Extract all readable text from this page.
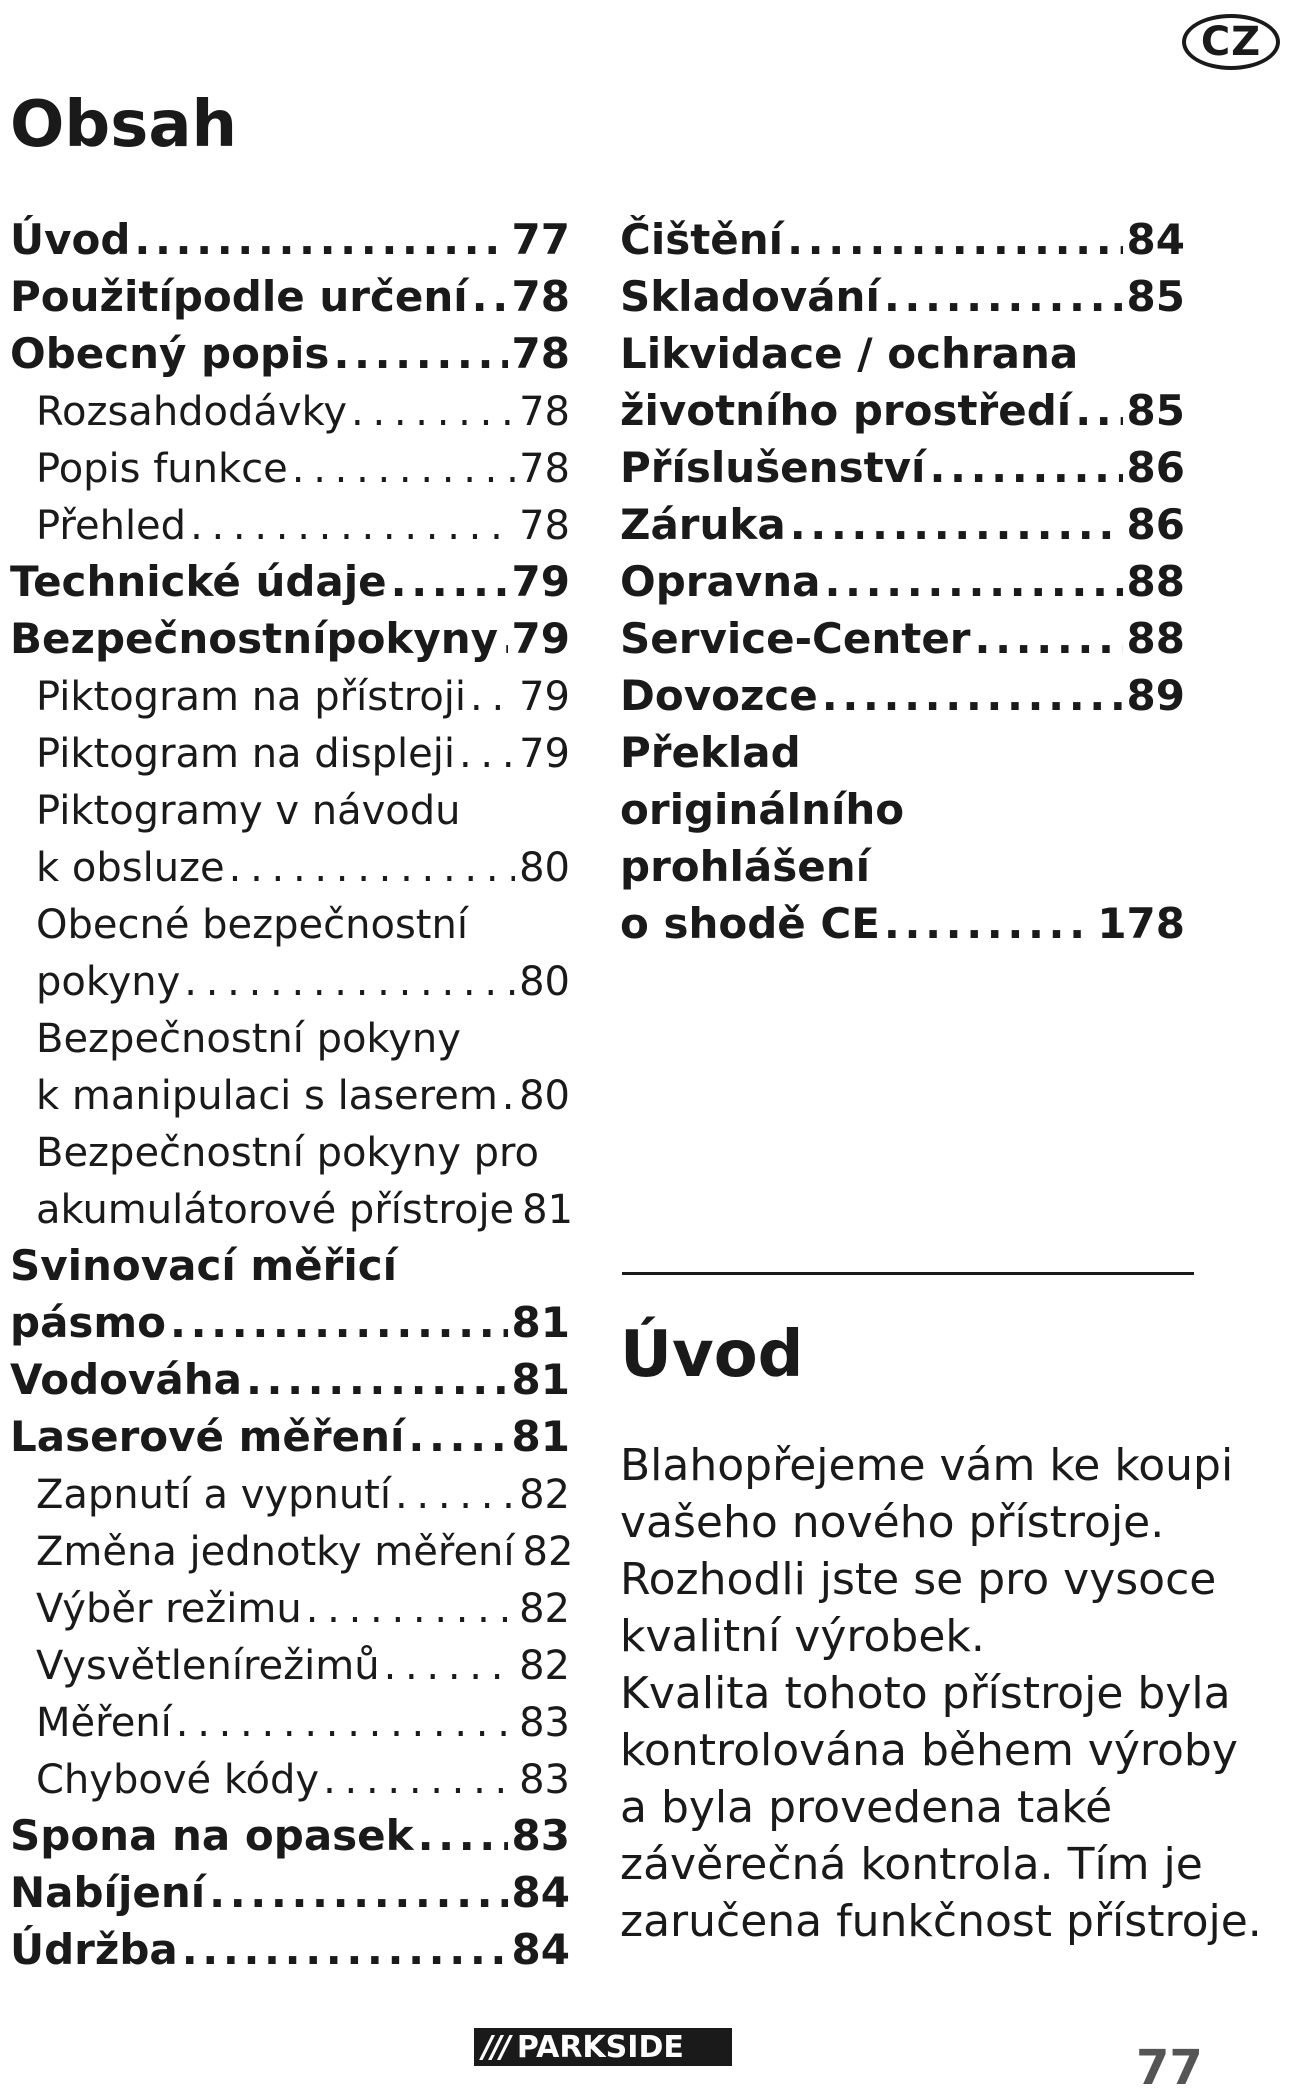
CZ
Obsah
Úvod . . .	77
Použitípodle určení . . . 78
Obecný popis . . .	78
Rozsahdodávky . . .	78
Popis funkce . . .	78
Přehled . . .	78
Technické údaje . . .	79
Bezpečnostnípokyny . . . 79
Piktogram na přístroji . . . 79
Piktogram na displeji . . . 79
Piktogramy v návodu
k obsluze . . .	80
Obecné bezpečnostní
pokyny . . .	80
Bezpečnostní pokyny
k manipulaci s laserem . . . 80
Bezpečnostní pokyny pro
akumulátorové přístroje 81
Svinovací měřicí
pásmo . . .	81
Vodováha . . .	81
Laserové měření . . .	81
Zapnutí a vypnutí . . .	82
Změna jednotky měření 82
Výběr režimu . . .	82
Vysvětlenírežimů . . .	82
Měření . . .	83
Chybové kódy . . .	83
Spona na opasek . . . 83
Nabíjení . . .	84
Údržba . . .	84
Čištění . . .	84
Skladování . . .	85
Likvidace / ochrana
životního prostředí . . . 85
Příslušenství . . .	86
Záruka . . .	86
Opravna . . .	88
Service-Center . . .	88
Dovozce . . .	89
Překlad
originálního
prohlášení
o shodě CE . . .	178
Úvod
Blahopřejeme vám ke koupi
vašeho nového přístroje.
Rozhodli jste se pro vysoce
kvalitní výrobek.
Kvalita tohoto přístroje byla
kontrolována během výroby
a byla provedena také
závěrečná kontrola. Tím je
zaručena funkčnost přístroje.
/// PARKSIDE	77
